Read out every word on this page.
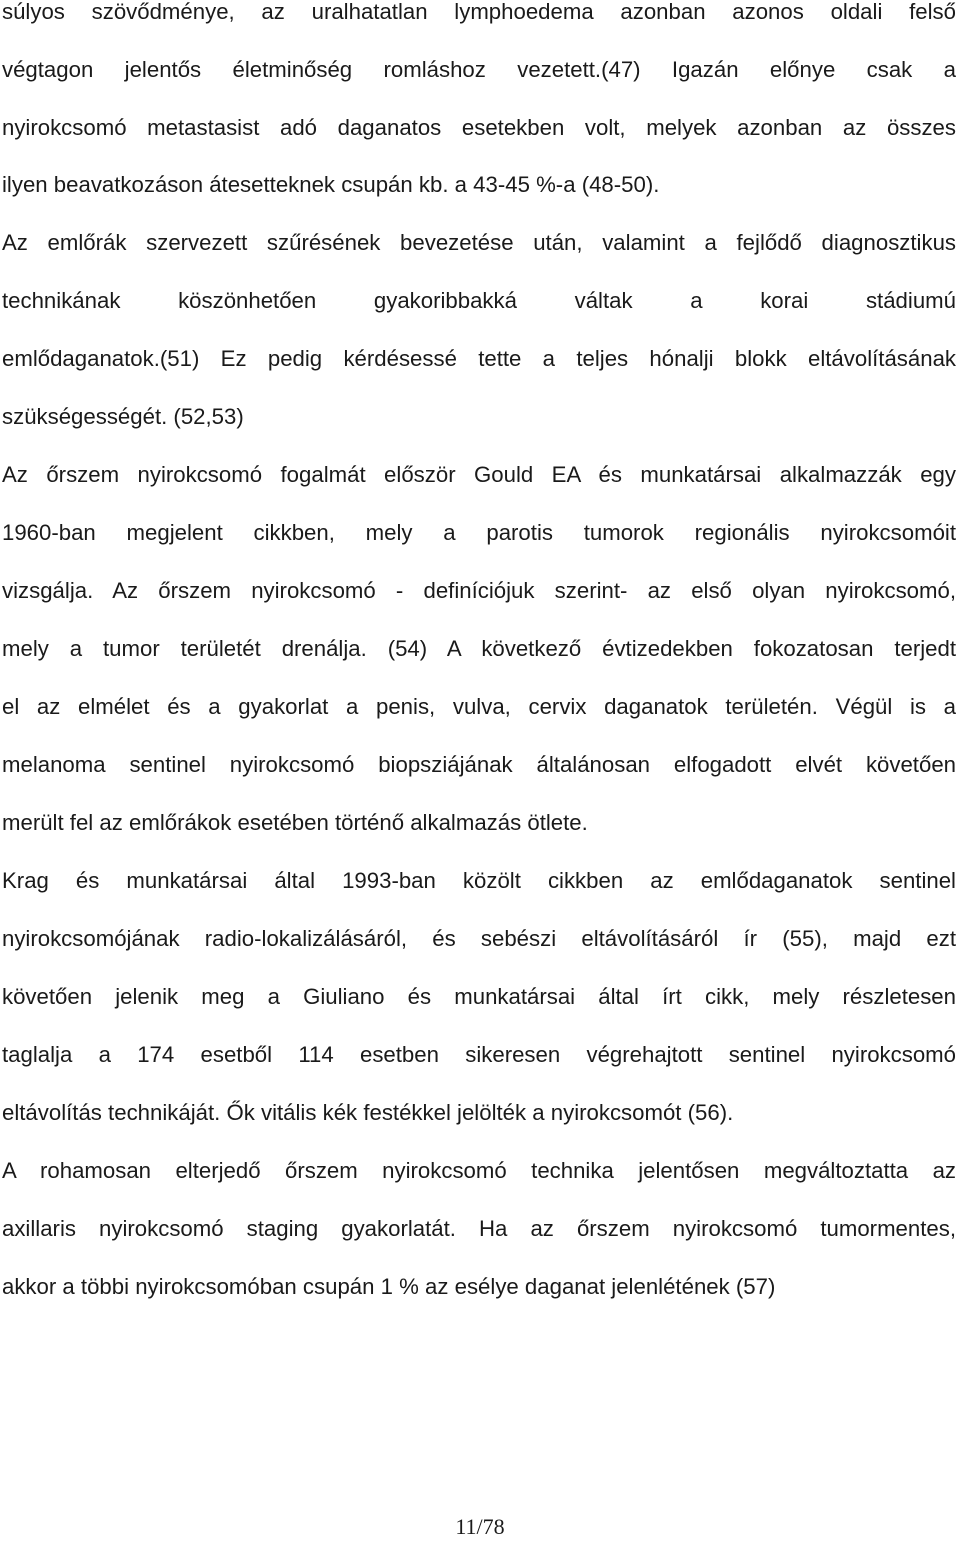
súlyos szövődménye, az uralhatatlan lymphoedema azonban azonos oldali felső
végtagon jelentős életminőség romláshoz vezetett.(47) Igazán előnye csak a
nyirokcsomó metastasist adó daganatos esetekben volt, melyek azonban az összes
ilyen beavatkozáson átesetteknek csupán kb. a 43-45 %-a (48-50).
Az emlőrák szervezett szűrésének bevezetése után, valamint a fejlődő diagnosztikus
technikának köszönhetően gyakoribbakká váltak a korai stádiumú
emlődaganatok.(51) Ez pedig kérdésessé tette a teljes hónalji blokk eltávolításának
szükségességét. (52,53)
Az őrszem nyirokcsomó fogalmát először Gould EA és munkatársai alkalmazzák egy
1960-ban megjelent cikkben, mely a parotis tumorok regionális nyirokcsomóit
vizsgálja. Az őrszem nyirokcsomó - definíciójuk szerint- az első olyan nyirokcsomó,
mely a tumor területét drenálja. (54) A következő évtizedekben fokozatosan terjedt
el az elmélet és a gyakorlat a penis, vulva, cervix daganatok területén. Végül is a
melanoma sentinel nyirokcsomó biopsziájának általánosan elfogadott elvét követően
merült fel az emlőrákok esetében történő alkalmazás ötlete.
Krag és munkatársai által 1993-ban közölt cikkben az emlődaganatok sentinel
nyirokcsomójának radio-lokalizálásáról, és sebészi eltávolításáról ír (55), majd ezt
követően jelenik meg a Giuliano és munkatársai által írt cikk, mely részletesen
taglalja a 174 esetből 114 esetben sikeresen végrehajtott sentinel nyirokcsomó
eltávolítás technikáját. Ők vitális kék festékkel jelölték a nyirokcsomót (56).
A rohamosan elterjedő őrszem nyirokcsomó technika jelentősen megváltoztatta az
axillaris nyirokcsomó staging gyakorlatát. Ha az őrszem nyirokcsomó tumormentes,
akkor a többi nyirokcsomóban csupán 1 % az esélye daganat jelenlétének (57)
11/78
